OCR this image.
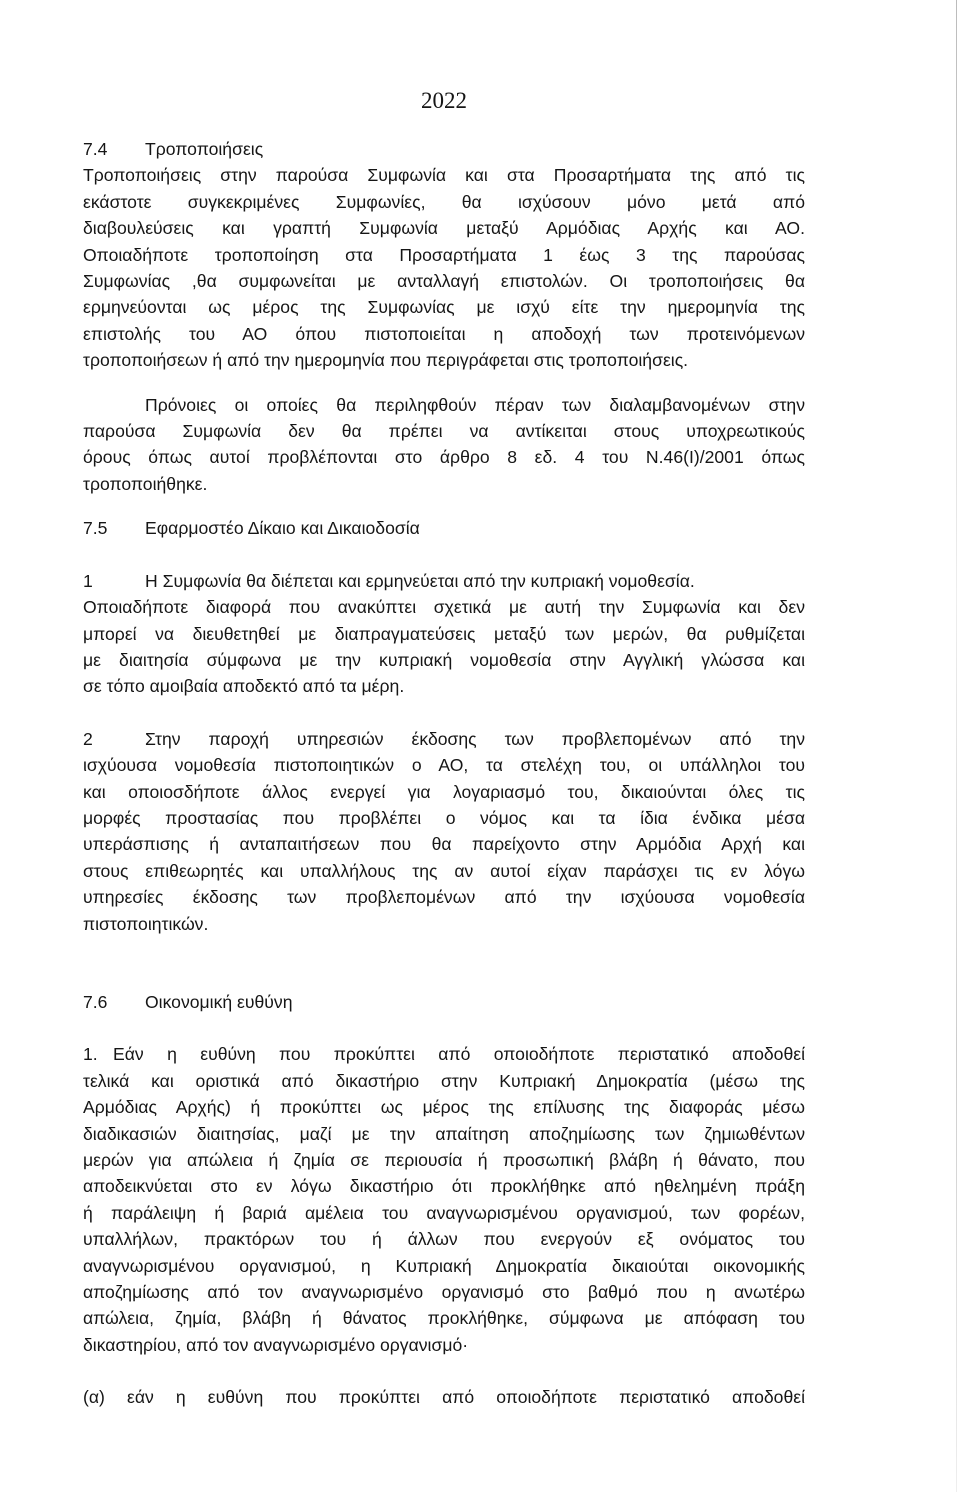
2022
7.4	Τροποποιήσεις

Τροποποιήσεις στην παρούσα Συμφωνία και στα Προσαρτήματα της από τις

εκάστοτε συγκεκριμένες Συμφωνίες, θα ισχύσουν μόνο μετά από

διαβουλεύσεις και γραπτή Συμφωνία μεταξύ Αρμόδιας Αρχής και ΑΟ.

Οποιαδήποτε τροποποίηση στα Προσαρτήματα 1 έως 3 της παρούσας

Συμφωνίας ,θα συμφωνείται με ανταλλαγή επιστολών. Οι τροποποιήσεις θα

ερμηνεύονται ως μέρος της Συμφωνίας με ισχύ είτε την ημερομηνία της

επιστολής του ΑΟ όπου πιστοποιείται η αποδοχή των προτεινόμενων

τροποποιήσεων ή από την ημερομηνία που περιγράφεται στις τροποποιήσεις.

Πρόνοιες οι οποίες θα περιληφθούν πέραν των διαλαμβανομένων στην

παρούσα Συμφωνία δεν θα πρέπει να αντίκειται στους υποχρεωτικούς

όρους όπως αυτοί προβλέπονται στο άρθρο 8 εδ. 4 του Ν.46(Ι)/2001 όπως

τροποποιήθηκε.

7.5	Εφαρμοστέο Δίκαιο και Δικαιοδοσία
1	Η Συμφωνία θα διέπεται και ερμηνεύεται από την κυπριακή νομοθεσία.

Οποιαδήποτε διαφορά που ανακύπτει σχετικά με αυτή την Συμφωνία και δεν

μπορεί να διευθετηθεί με διαπραγματεύσεις μεταξύ των μερών, θα ρυθμίζεται

με διαιτησία σύμφωνα με την κυπριακή νομοθεσία στην Αγγλική γλώσσα και

σε τόπο αμοιβαία αποδεκτό από τα μέρη.

2	Στην παροχή υπηρεσιών έκδοσης των προβλεπομένων από την

ισχύουσα νομοθεσία πιστοποιητικών ο ΑΟ, τα στελέχη του, οι υπάλληλοι του

και οποιοσδήποτε άλλος ενεργεί για λογαριασμό του, δικαιούνται όλες τις

μορφές προστασίας που προβλέπει ο νόμος και τα ίδια ένδικα μέσα

υπεράσπισης ή ανταπαιτήσεων που θα παρείχοντο στην Αρμόδια Αρχή και

στους επιθεωρητές και υπαλλήλους της αν αυτοί είχαν παράσχει τις εν λόγω

υπηρεσίες έκδοσης των προβλεπομένων από την ισχύουσα νομοθεσία

πιστοποιητικών.

7.6	Οικονομική ευθύνη
1. Εάν η ευθύνη που προκύπτει από οποιοδήποτε περιστατικό αποδοθεί

τελικά και οριστικά από δικαστήριο στην Κυπριακή Δημοκρατία (μέσω της

Αρμόδιας Αρχής) ή προκύπτει ως μέρος της επίλυσης της διαφοράς μέσω

διαδικασιών διαιτησίας, μαζί με την απαίτηση αποζημίωσης των ζημιωθέντων

μερών για απώλεια ή ζημία σε περιουσία ή προσωπική βλάβη ή θάνατο, που

αποδεικνύεται στο εν λόγω δικαστήριο ότι προκλήθηκε από ηθελημένη πράξη

ή παράλειψη ή βαριά αμέλεια του αναγνωρισμένου οργανισμού, των φορέων,

υπαλλήλων, πρακτόρων του ή άλλων που ενεργούν εξ ονόματος του

αναγνωρισμένου οργανισμού, η Κυπριακή Δημοκρατία δικαιούται οικονομικής

αποζημίωσης από τον αναγνωρισμένο οργανισμό στο βαθμό που η ανωτέρω

απώλεια, ζημία, βλάβη ή θάνατος προκλήθηκε, σύμφωνα με απόφαση του

δικαστηρίου, από τον αναγνωρισμένο οργανισμό·

(α) εάν η ευθύνη που προκύπτει από οποιοδήποτε περιστατικό αποδοθεί
